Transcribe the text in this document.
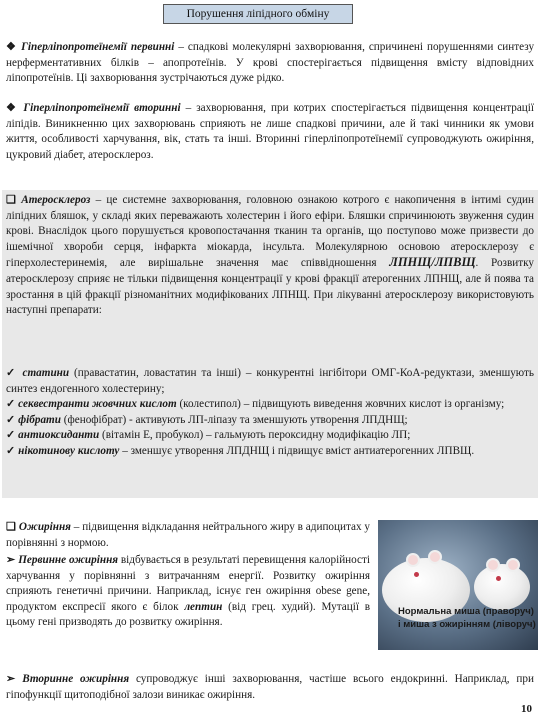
Порушення ліпідного обміну
❖ Гіперліпопротеїнемії первинні – спадкові молекулярні захворювання, спричинені порушеннями синтезу нерферментативних білків – апопротеїнів. У крові спостерігається підвищення вмісту відповідних ліпопротеїнів. Ці захворювання зустрічаються дуже рідко.
❖ Гіперліпопротеїнемії вторинні – захворювання, при котрих спостерігається підвищення концентрації ліпідів. Виникненню цих захворювань сприяють не лише спадкові причини, але й такі чинники як умови життя, особливості харчування, вік, стать та інші. Вторинні гіперліпопротеїнемії супроводжують ожиріння, цукровий діабет, атеросклероз.
❑ Атеросклероз – це системне захворювання, головною ознакою котрого є накопичення в інтимі судин ліпідних бляшок, у складі яких переважають холестерин і його ефіри. Бляшки спричинюють звуження судин крові. Внаслідок цього порушується кровопостачання тканин та органів, що поступово може призвести до ішемічної хвороби серця, інфаркта міокарда, інсульта. Молекулярною основою атеросклерозу є гіперхолестеринемія, але вирішальне значення має співвідношення ЛПНЩ/ЛПВЩ. Розвитку атеросклерозу сприяє не тільки підвищення концентрації у крові фракції атерогенних ЛПНЩ, але й поява та зростання в цій фракції різноманітних модифікованих ЛПНЩ. При лікуванні атеросклерозу використовують наступні препарати:
✓ статини (правастатин, ловастатин та інші) – конкурентні інгібітори ОМГ-КоА-редуктази, зменшують синтез ендогенного холестерину;
✓ секвестранти жовчних кислот (колестипол) – підвищують виведення жовчних кислот із організму;
✓ фібрати (фенофібрат) - активують ЛП-ліпазу та зменшують утворення ЛПДНЩ;
✓ антиоксиданти (вітамін Е, пробукол) – гальмують пероксидну модифікацію ЛП;
✓ нікотинову кислоту – зменшує утворення ЛПДНЩ і підвищує вміст антиатерогенних ЛПВЩ.
❑ Ожиріння – підвищення відкладання нейтрального жиру в адипоцитах у порівнянні з нормою.
➢ Первинне ожиріння відбувається в результаті перевищення калорійності харчування у порівнянні з витрачанням енергії. Розвитку ожиріння сприяють генетичні причини. Наприклад, існує ген ожиріння obese gene, продуктом експресії якого є білок лептин (від грец. худий). Мутації в цьому гені призводять до розвитку ожиріння.
Нормальна миша (праворуч) і миша з ожирінням (ліворуч)
➢ Вторинне ожиріння супроводжує інші захворювання, частіше всього ендокринні. Наприклад, при гіпофункції щитоподібної залози виникає ожиріння.
10
